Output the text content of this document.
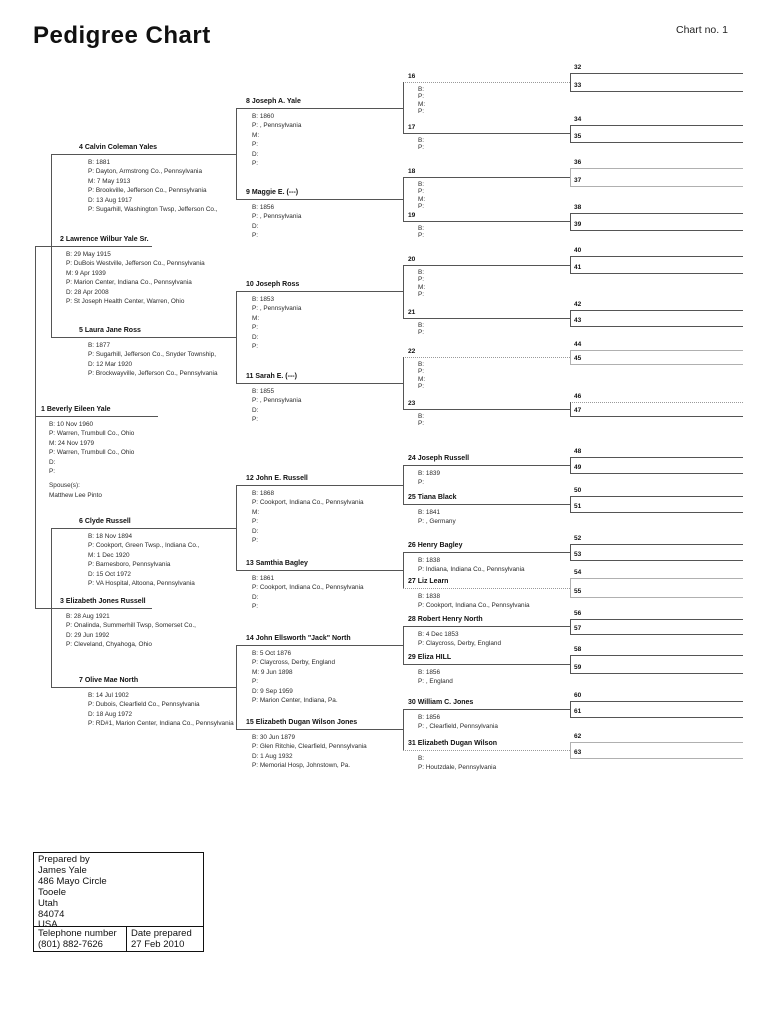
Pedigree Chart	Chart no. 1
1 Beverly Eileen Yale
B: 10 Nov 1960
P: Warren, Trumbull Co., Ohio
M: 24 Nov 1979
P: Warren, Trumbull Co., Ohio
D:
P:
Spouse(s):
Matthew Lee Pinto
2 Lawrence Wilbur Yale Sr.
B: 29 May 1915
P: DuBois Westville, Jefferson Co., Pennsylvania
M: 9 Apr 1939
P: Marion Center, Indiana Co., Pennsylvania
D: 28 Apr 2008
P: St Joseph Health Center, Warren, Ohio
3 Elizabeth Jones Russell
B: 28 Aug 1921
P: Onalinda, Summerhill Twsp, Somerset Co.,
D: 29 Jun 1992
P: Cleveland, Chyahoga, Ohio
4 Calvin Coleman Yales
B: 1881
P: Dayton, Armstrong Co., Pennsylvania
M: 7 May 1913
P: Brookville, Jefferson Co., Pennsylvania
D: 13 Aug 1917
P: Sugarhill, Washington Twsp, Jefferson Co.,
5 Laura Jane Ross
B: 1877
P: Sugarhill, Jefferson Co., Snyder Township,
D: 12 Mar 1920
P: Brockwayville, Jefferson Co., Pennsylvania
6 Clyde Russell
B: 18 Nov 1894
P: Cookport, Green Twsp., Indiana Co.,
M: 1 Dec 1920
P: Barnesboro, Pennsylvania
D: 15 Oct 1972
P: VA Hospital, Altoona, Pennsylvania
7 Olive Mae North
B: 14 Jul 1902
P: Dubois, Clearfield Co., Pennsylvania
D: 18 Aug 1972
P: RD#1, Marion Center, Indiana Co., Pennsylvania
8 Joseph A. Yale
B: 1860
P: , Pennsylvania
M:
P:
D:
P:
9 Maggie E. (---)
B: 1856
P: , Pennsylvania
D:
P:
10 Joseph Ross
B: 1853
P: , Pennsylvania
M:
P:
D:
P:
11 Sarah E. (---)
B: 1855
P: , Pennsylvania
D:
P:
12 John E. Russell
B: 1868
P: Cookport, Indiana Co., Pennsylvania
M:
P:
D:
P:
13 Samthia Bagley
B: 1861
P: Cookport, Indiana Co., Pennsylvania
D:
P:
14 John Ellsworth "Jack" North
B: 5 Oct 1876
P: Claycross, Derby, England
M: 9 Jun 1898
P:
D: 9 Sep 1959
P: Marion Center, Indiana, Pa.
15 Elizabeth Dugan Wilson Jones
B: 30 Jun 1879
P: Glen Ritchie, Clearfield, Pennsylvania
D: 1 Aug 1932
P: Memorial Hosp, Johnstown, Pa.
16
B:
P:
M:
P:
17
B:
P:
18
B:
P:
M:
P:
19
B:
P:
20
B:
P:
M:
P:
21
B:
P:
22
B:
P:
M:
P:
23
B:
P:
24 Joseph Russell
B: 1839
P:
25 Tiana Black
B: 1841
P: , Germany
26 Henry Bagley
B: 1838
P: Indiana, Indiana Co., Pennsylvania
27 Liz Learn
B: 1838
P: Cookport, Indiana Co., Pennsylvania
28 Robert Henry North
B: 4 Dec 1853
P: Claycross, Derby, England
29 Eliza HILL
B: 1856
P: , England
30 William C. Jones
B: 1856
P: , Clearfield, Pennsylvania
31 Elizabeth Dugan Wilson
B:
P: Houtzdale, Pennsylvania
32
33
34
35
36
37
38
39
40
41
42
43
44
45
46
47
48
49
50
51
52
53
54
55
56
57
58
59
60
61
62
63
Prepared by
James Yale
486 Mayo Circle
Tooele
Utah
84074
USA
Telephone number
(801) 882-7626
Date prepared
27 Feb 2010
